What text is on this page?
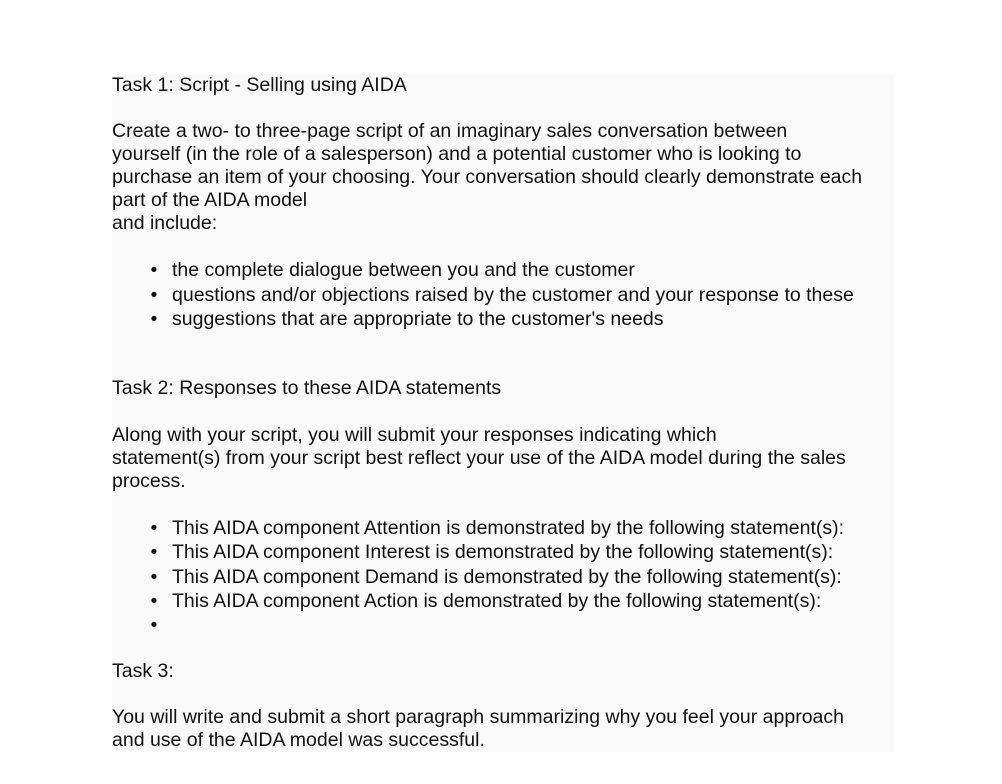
Task 1: Script - Selling using AIDA
Create a two- to three-page script of an imaginary sales conversation between
yourself (in the role of a salesperson) and a potential customer who is looking to
purchase an item of your choosing. Your conversation should clearly demonstrate each
part of the AIDA model
and include:
• the complete dialogue between you and the customer
• questions and/or objections raised by the customer and your response to these
• suggestions that are appropriate to the customer's needs
Task 2: Responses to these AIDA statements
Along with your script, you will submit your responses indicating which
statement(s) from your script best reflect your use of the AIDA model during the sales
process.
• This AIDA component Attention is demonstrated by the following statement(s):
• This AIDA component Interest is demonstrated by the following statement(s):
• This AIDA component Demand is demonstrated by the following statement(s):
• This AIDA component Action is demonstrated by the following statement(s):
•
Task 3:
You will write and submit a short paragraph summarizing why you feel your approach
and use of the AIDA model was successful.
